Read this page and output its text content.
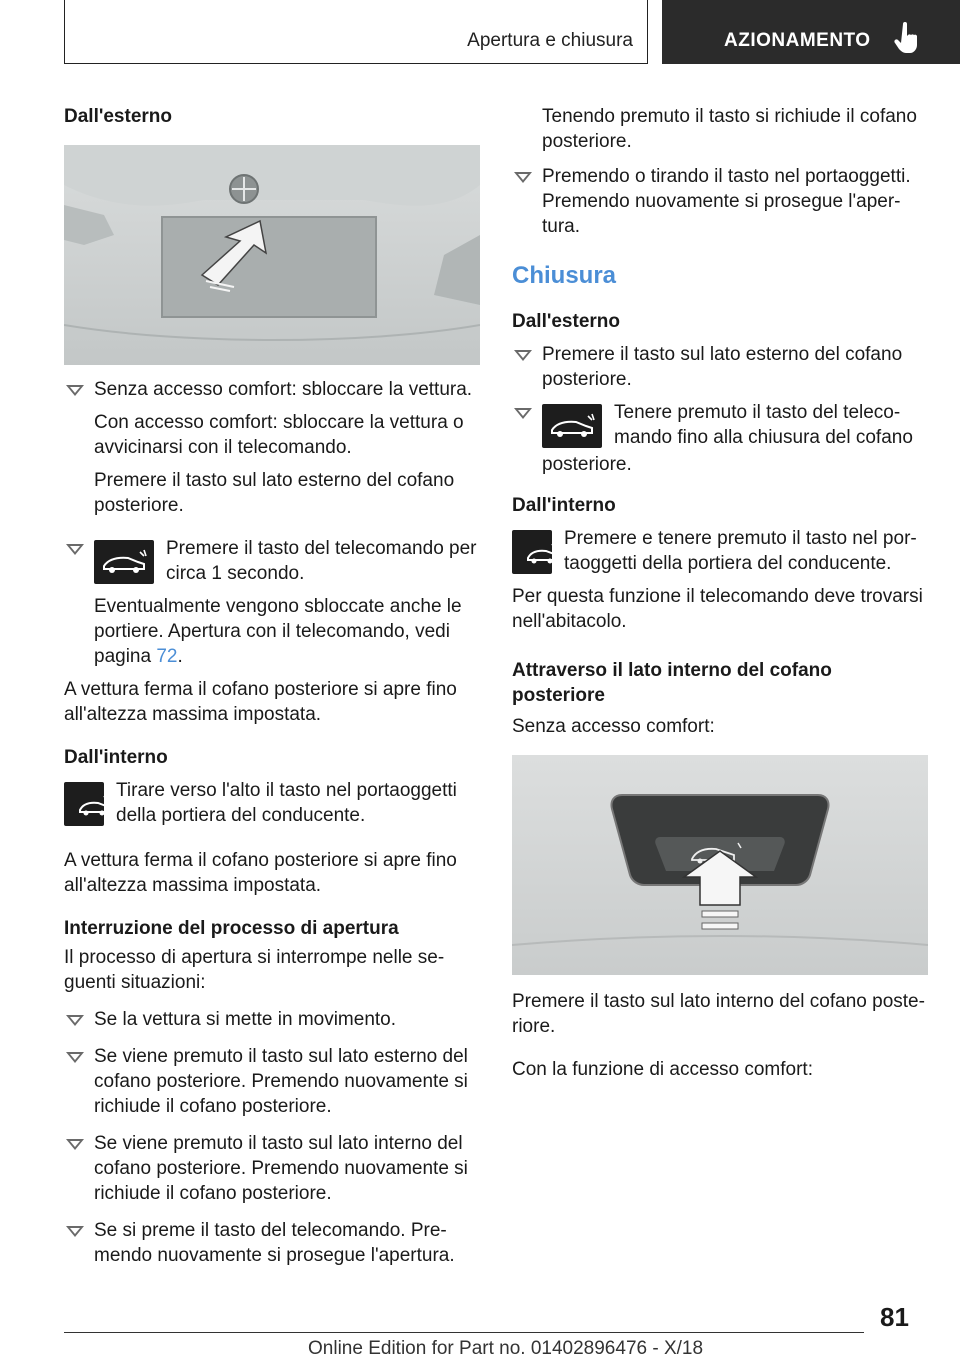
Apertura e chiusura	AZIONAMENTO

Dall'esterno

Senza accesso comfort: sbloccare la vettura.

Con accesso comfort: sbloccare la vettura o avvicinarsi con il telecomando.

Premere il tasto sul lato esterno del cofano posteriore.

Premere il tasto del telecomando per circa 1 secondo.

Eventualmente vengono sbloccate anche le portiere. Apertura con il telecomando, vedi pagina 72.

A vettura ferma il cofano posteriore si apre fino all'altezza massima impostata.

Dall'interno

Tirare verso l'alto il tasto nel portaoggetti della portiera del conducente.

A vettura ferma il cofano posteriore si apre fino all'altezza massima impostata.

Interruzione del processo di apertura

Il processo di apertura si interrompe nelle se-guenti situazioni:

Se la vettura si mette in movimento.

Se viene premuto il tasto sul lato esterno del cofano posteriore. Premendo nuovamente si richiude il cofano posteriore.

Se viene premuto il tasto sul lato interno del cofano posteriore. Premendo nuovamente si richiude il cofano posteriore.

Se si preme il tasto del telecomando. Pre-mendo nuovamente si prosegue l'apertura.

Tenendo premuto il tasto si richiude il cofano posteriore.

Premendo o tirando il tasto nel portaoggetti. Premendo nuovamente si prosegue l'aper-tura.

Chiusura

Dall'esterno

Premere il tasto sul lato esterno del cofano posteriore.

Tenere premuto il tasto del teleco-mando fino alla chiusura del cofano

posteriore.

Dall'interno

Premere e tenere premuto il tasto nel por-taoggetti della portiera del conducente.

Per questa funzione il telecomando deve trovarsi nell'abitacolo.

Attraverso il lato interno del cofano posteriore

Senza accesso comfort:

Premere il tasto sul lato interno del cofano poste-riore.

Con la funzione di accesso comfort:

81
Online Edition for Part no. 01402896476 - X/18
